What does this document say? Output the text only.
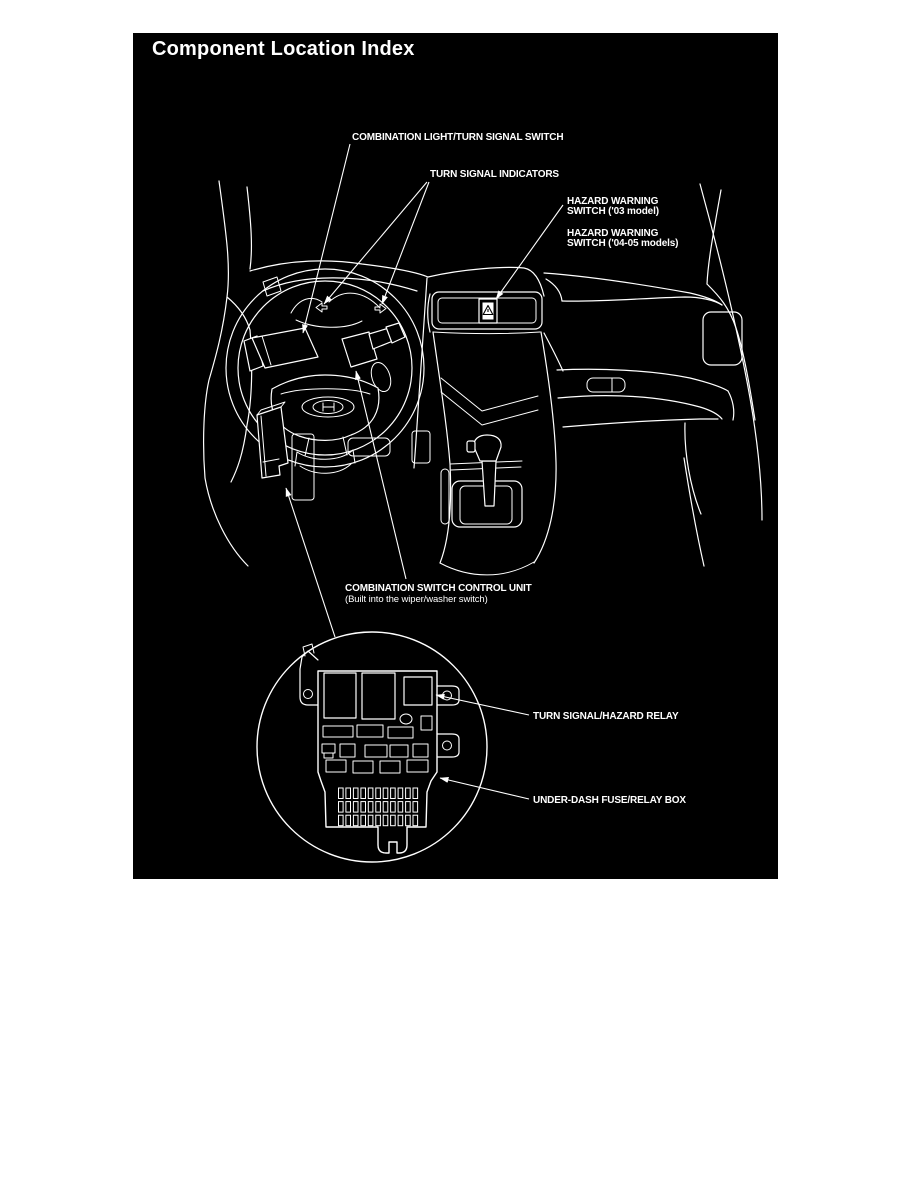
Component Location Index
COMBINATION LIGHT/TURN SIGNAL SWITCH
TURN SIGNAL INDICATORS
HAZARD WARNING
SWITCH ('03 model)
HAZARD WARNING
SWITCH ('04-05 models)
COMBINATION SWITCH CONTROL UNIT
(Built into the wiper/washer switch)
TURN SIGNAL/HAZARD RELAY
UNDER-DASH FUSE/RELAY BOX
